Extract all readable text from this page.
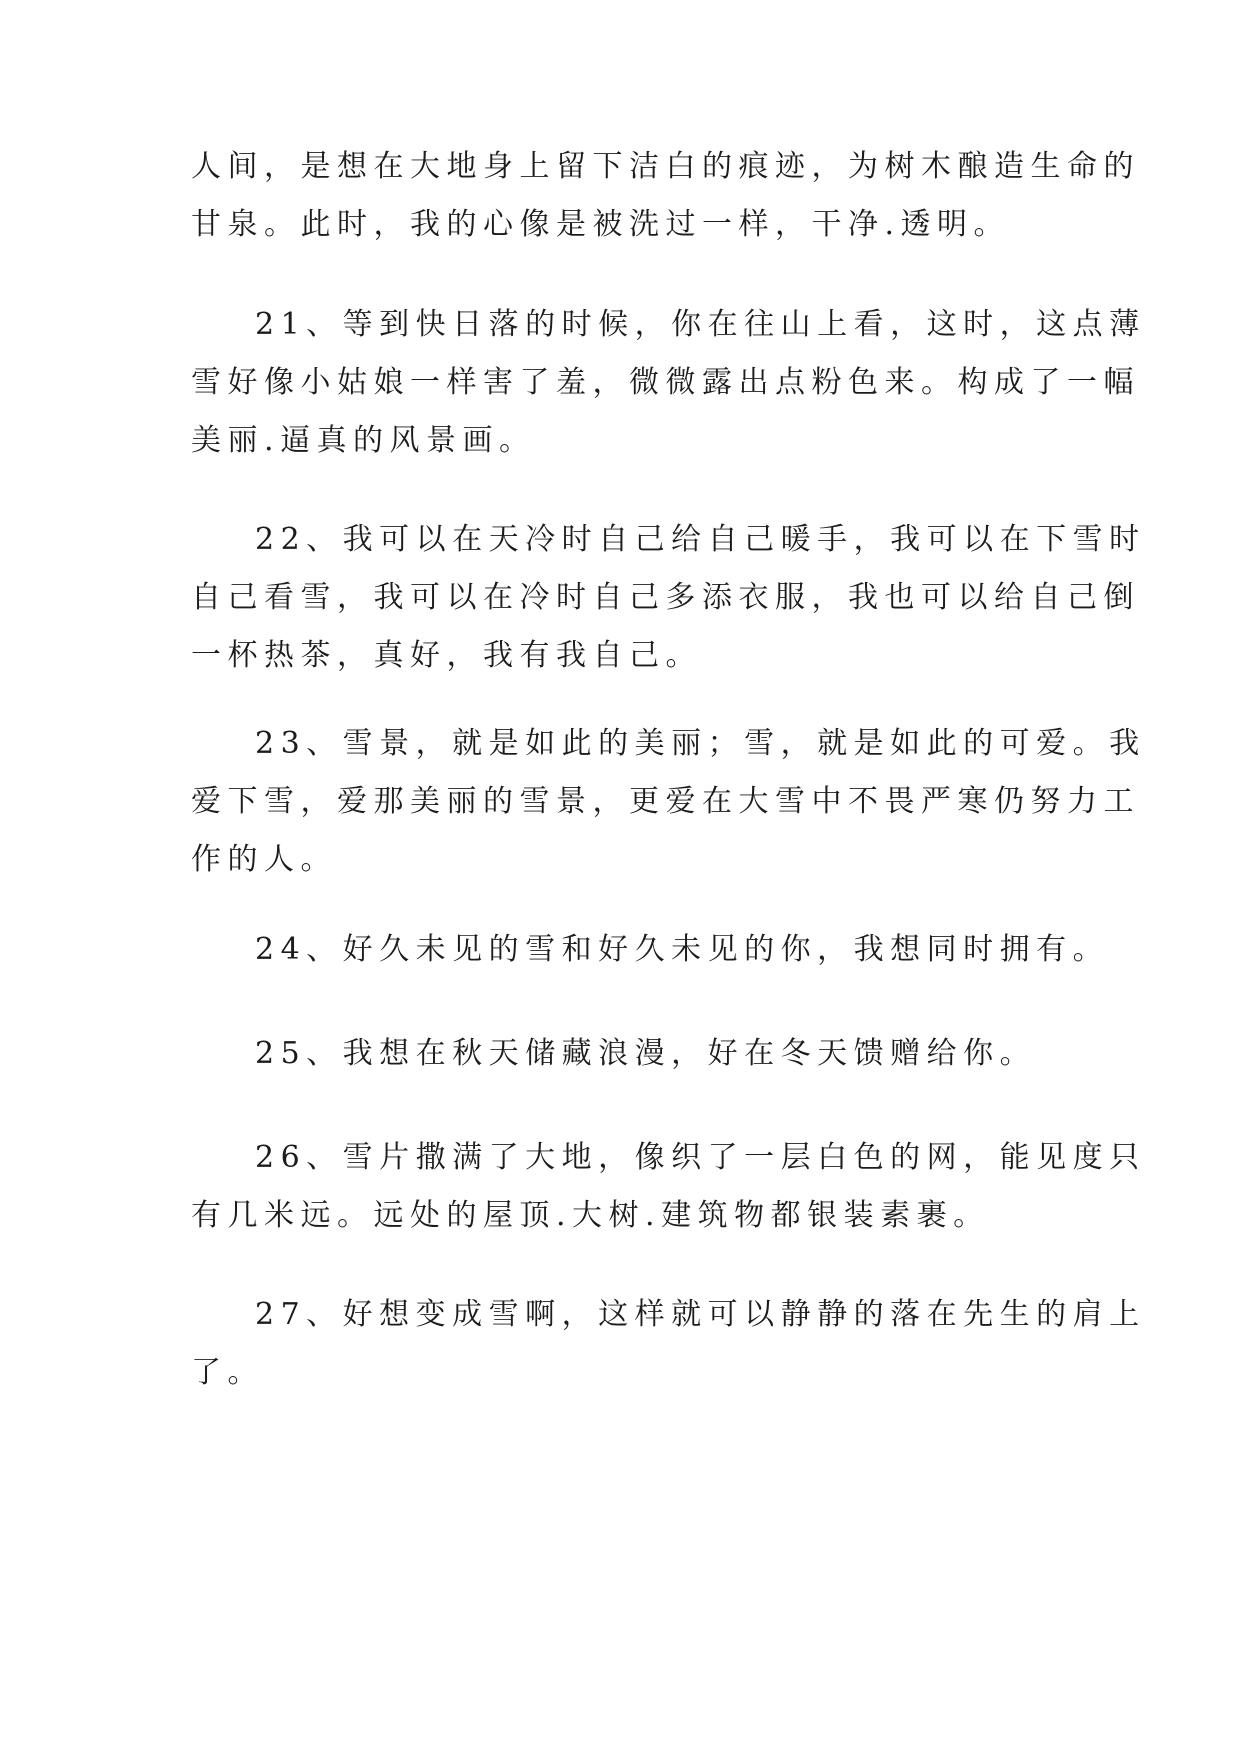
人间，是想在大地身上留下洁白的痕迹，为树木酿造生命的
甘泉。此时，我的心像是被洗过一样，干净.透明。

21、等到快日落的时候，你在往山上看，这时，这点薄
雪好像小姑娘一样害了羞，微微露出点粉色来。构成了一幅
美丽.逼真的风景画。

22、我可以在天冷时自己给自己暖手，我可以在下雪时
自己看雪，我可以在冷时自己多添衣服，我也可以给自己倒
一杯热茶，真好，我有我自己。

23、雪景，就是如此的美丽；雪，就是如此的可爱。我
爱下雪，爱那美丽的雪景，更爱在大雪中不畏严寒仍努力工
作的人。

24、好久未见的雪和好久未见的你，我想同时拥有。

25、我想在秋天储藏浪漫，好在冬天馈赠给你。

26、雪片撒满了大地，像织了一层白色的网，能见度只
有几米远。远处的屋顶.大树.建筑物都银装素裹。

27、好想变成雪啊，这样就可以静静的落在先生的肩上
了。
